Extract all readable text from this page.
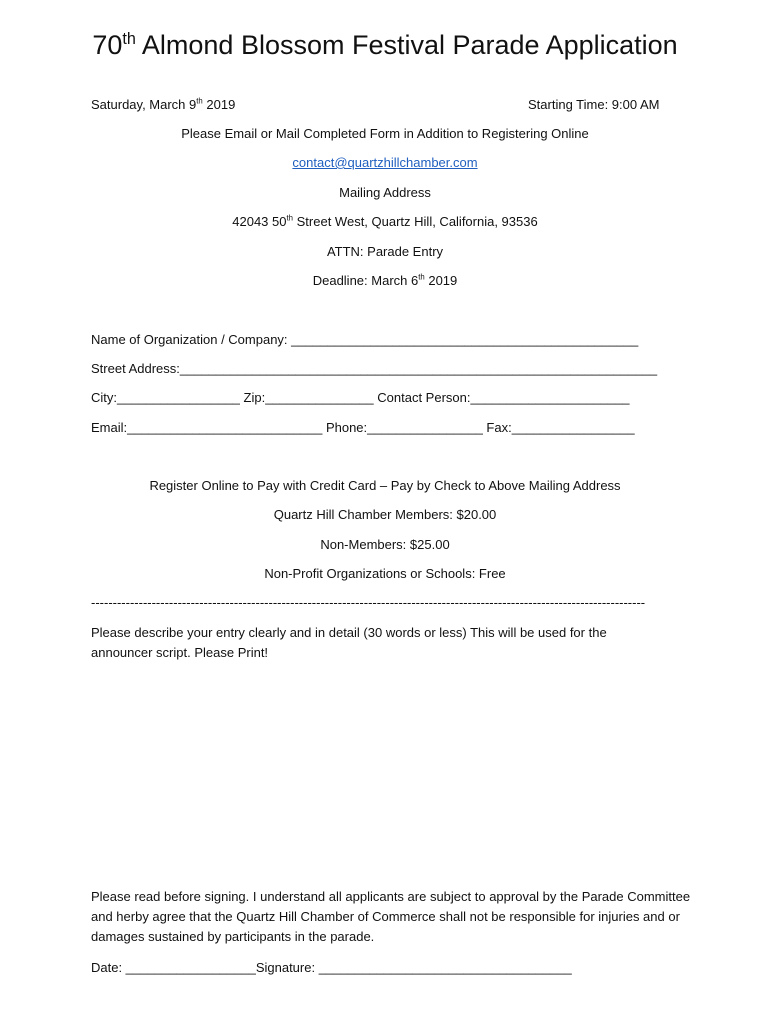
70th Almond Blossom Festival Parade Application
Saturday, March 9th 2019	Starting Time: 9:00 AM
Please Email or Mail Completed Form in Addition to Registering Online
contact@quartzhillchamber.com
Mailing Address
42043 50th Street West, Quartz Hill, California, 93536
ATTN: Parade Entry
Deadline: March 6th 2019
Name of Organization / Company: ________________________________________________
Street Address:__________________________________________________________________
City:_________________ Zip:_______________ Contact Person:______________________
Email:___________________________ Phone:________________ Fax:_________________
Register Online to Pay with Credit Card – Pay by Check to Above Mailing Address
Quartz Hill Chamber Members: $20.00
Non-Members: $25.00
Non-Profit Organizations or Schools: Free
--------------------------------------------------------------------------------------------------------------------------------
Please describe your entry clearly and in detail (30 words or less) This will be used for the announcer script. Please Print!
Please read before signing. I understand all applicants are subject to approval by the Parade Committee and herby agree that the Quartz Hill Chamber of Commerce shall not be responsible for injuries and or damages sustained by participants in the parade.
Date: __________________Signature: ___________________________________
